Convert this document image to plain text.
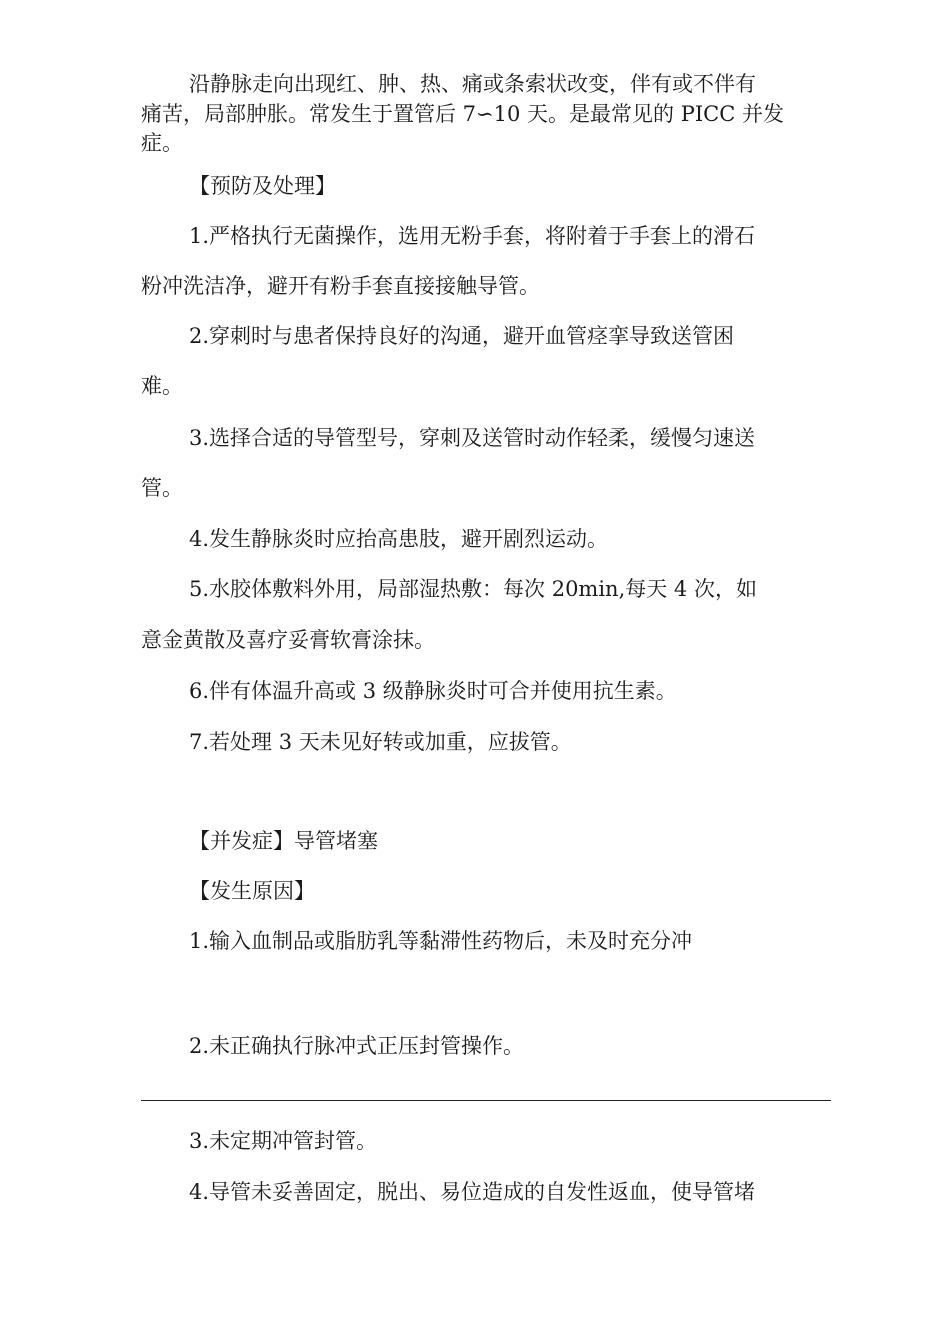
沿静脉走向出现红、肿、热、痛或条索状改变，伴有或不伴有
痛苦，局部肿胀。常发生于置管后 7∽10 天。是最常见的 PICC 并发
症。
【预防及处理】
1.严格执行无菌操作，选用无粉手套，将附着于手套上的滑石
粉冲洗洁净，避开有粉手套直接接触导管。
2.穿刺时与患者保持良好的沟通，避开血管痉挛导致送管困
难。
3.选择合适的导管型号，穿刺及送管时动作轻柔，缓慢匀速送
管。
4.发生静脉炎时应抬高患肢，避开剧烈运动。
5.水胶体敷料外用，局部湿热敷：每次 20min,每天 4 次，如
意金黄散及喜疗妥膏软膏涂抹。
6.伴有体温升高或 3 级静脉炎时可合并使用抗生素。
7.若处理 3 天未见好转或加重，应拔管。
【并发症】导管堵塞
【发生原因】
1.输入血制品或脂肪乳等黏滞性药物后，未及时充分冲
2.未正确执行脉冲式正压封管操作。
3.未定期冲管封管。
4.导管未妥善固定，脱出、易位造成的自发性返血，使导管堵
